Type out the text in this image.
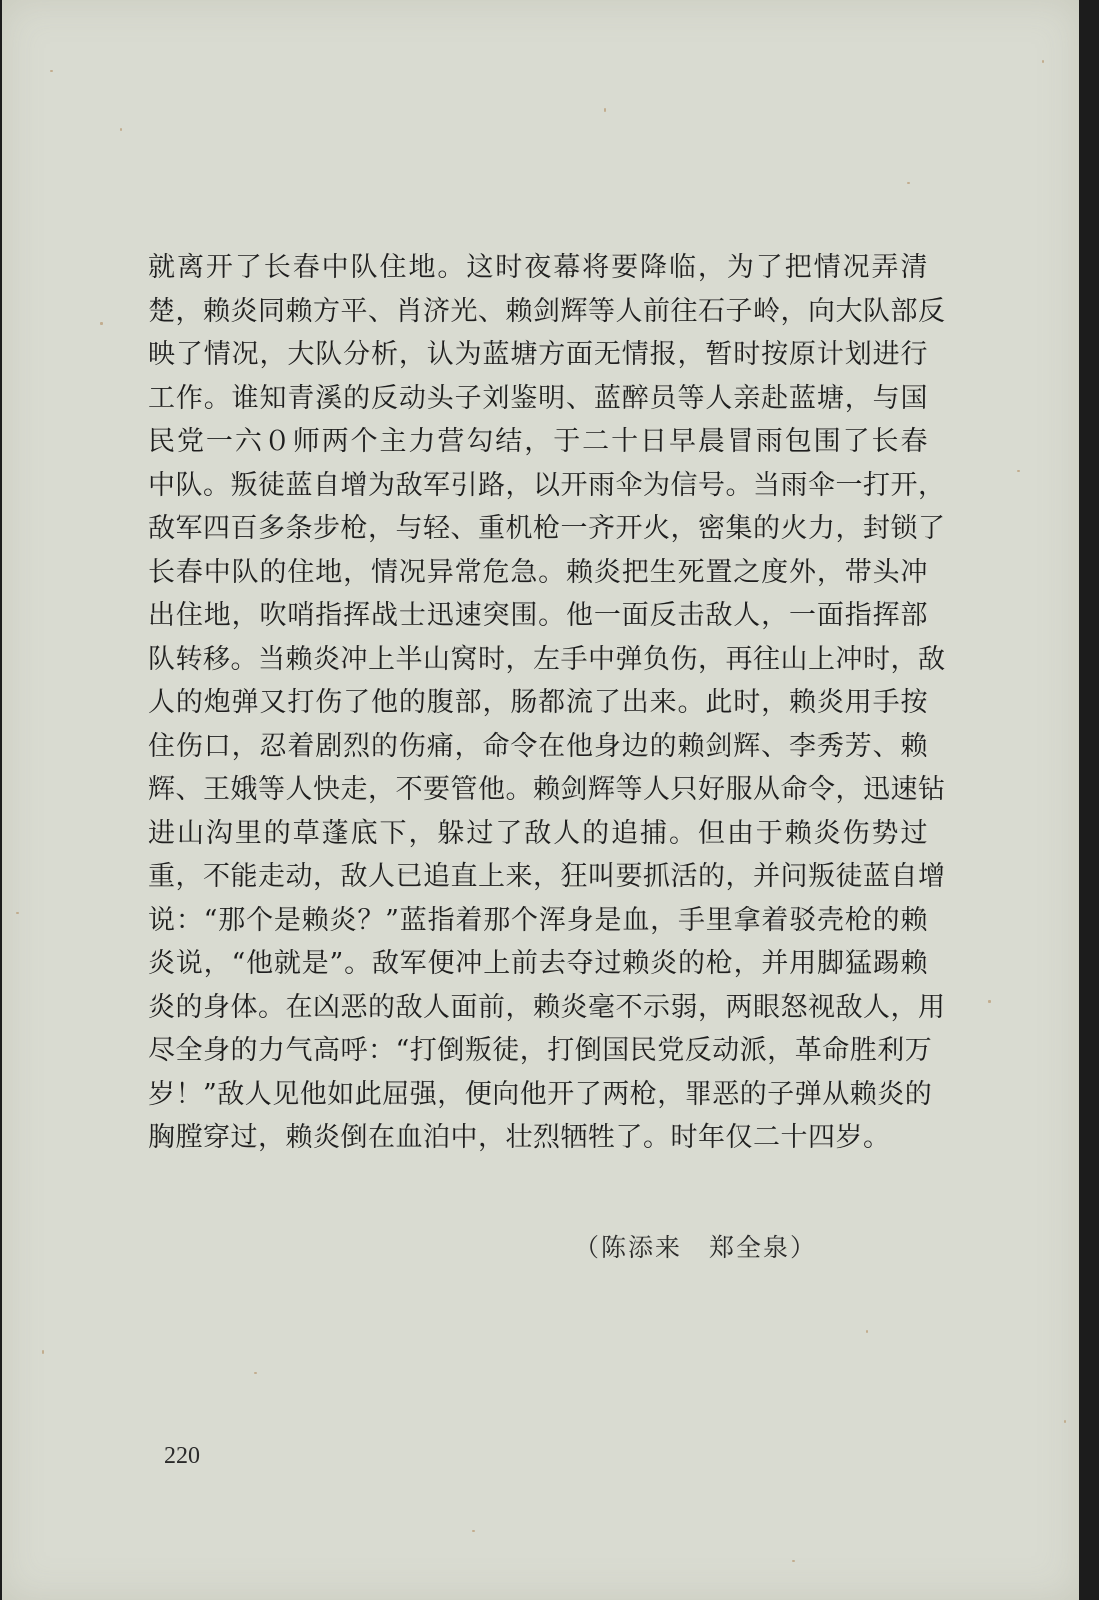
就离开了长春中队住地。这时夜幕将要降临，为了把情况弄清
楚，赖炎同赖方平、肖济光、赖剑辉等人前往石子岭，向大队部反
映了情况，大队分析，认为蓝塘方面无情报，暂时按原计划进行
工作。谁知青溪的反动头子刘鉴明、蓝醉员等人亲赴蓝塘，与国
民党一六０师两个主力营勾结，于二十日早晨冒雨包围了长春
中队。叛徒蓝自增为敌军引路，以开雨伞为信号。当雨伞一打开，
敌军四百多条步枪，与轻、重机枪一齐开火，密集的火力，封锁了
长春中队的住地，情况异常危急。赖炎把生死置之度外，带头冲
出住地，吹哨指挥战士迅速突围。他一面反击敌人，一面指挥部
队转移。当赖炎冲上半山窝时，左手中弹负伤，再往山上冲时，敌
人的炮弹又打伤了他的腹部，肠都流了出来。此时，赖炎用手按
住伤口，忍着剧烈的伤痛，命令在他身边的赖剑辉、李秀芳、赖
辉、王娥等人快走，不要管他。赖剑辉等人只好服从命令，迅速钻
进山沟里的草蓬底下，躲过了敌人的追捕。但由于赖炎伤势过
重，不能走动，敌人已追直上来，狂叫要抓活的，并问叛徒蓝自增
说：“那个是赖炎？”蓝指着那个浑身是血，手里拿着驳壳枪的赖
炎说，“他就是”。敌军便冲上前去夺过赖炎的枪，并用脚猛踢赖
炎的身体。在凶恶的敌人面前，赖炎毫不示弱，两眼怒视敌人，用
尽全身的力气高呼：“打倒叛徒，打倒国民党反动派，革命胜利万
岁！”敌人见他如此屈强，便向他开了两枪，罪恶的子弹从赖炎的
胸膛穿过，赖炎倒在血泊中，壮烈牺牲了。时年仅二十四岁。
（陈添来　郑全泉）
220
